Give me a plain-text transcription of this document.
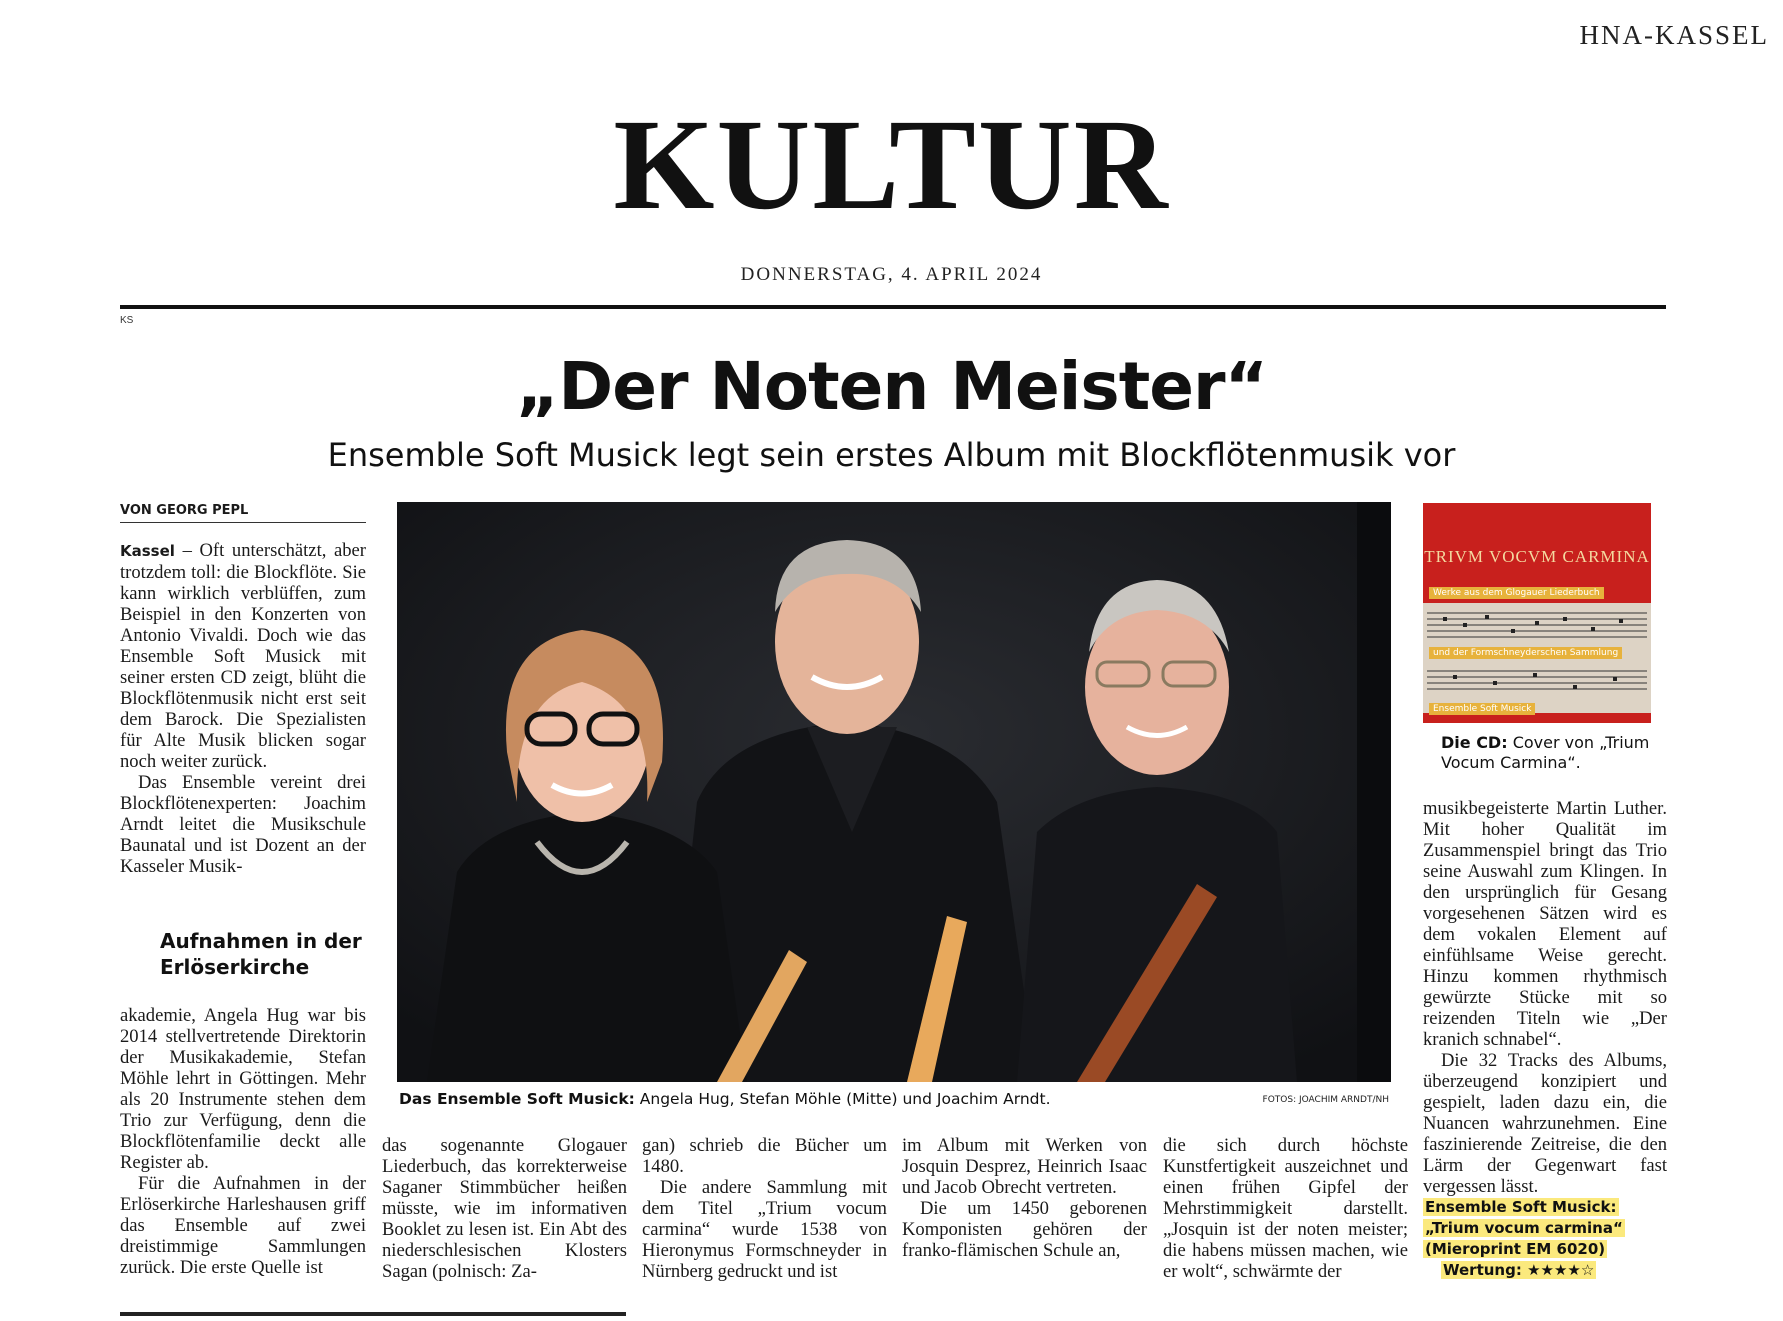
HNA-KASSEL
KULTUR
DONNERSTAG, 4. APRIL 2024
KS
„Der Noten Meister“
Ensemble Soft Musick legt sein erstes Album mit Blockflötenmusik vor
VON GEORG PEPL

Kassel – Oft unterschätzt, aber trotzdem toll: die Blockflöte. Sie kann wirklich verblüffen, zum Beispiel in den Konzerten von Antonio Vivaldi. Doch wie das Ensemble Soft Musick mit seiner ersten CD zeigt, blüht die Blockflötenmusik nicht erst seit dem Barock. Die Spezialisten für Alte Musik blicken sogar noch weiter zurück.

Das Ensemble vereint drei Blockflötenexperten: Joachim Arndt leitet die Musikschule Baunatal und ist Dozent an der Kasseler Musik-

Aufnahmen in der Erlöserkirche

akademie, Angela Hug war bis 2014 stellvertretende Direktorin der Musikakademie, Stefan Möhle lehrt in Göttingen. Mehr als 20 Instrumente stehen dem Trio zur Verfügung, denn die Blockflötenfamilie deckt alle Register ab.

Für die Aufnahmen in der Erlöserkirche Harleshausen griff das Ensemble auf zwei dreistimmige Sammlungen zurück. Die erste Quelle ist

Das Ensemble Soft Musick: Angela Hug, Stefan Möhle (Mitte) und Joachim Arndt.	FOTOS: JOACHIM ARNDT/NH

das sogenannte Glogauer Liederbuch, das korrekterweise Saganer Stimmbücher heißen müsste, wie im informativen Booklet zu lesen ist. Ein Abt des niederschlesischen Klosters Sagan (polnisch: Za-

gan) schrieb die Bücher um 1480.

Die andere Sammlung mit dem Titel „Trium vocum carmina“ wurde 1538 von Hieronymus Formschneyder in Nürnberg gedruckt und ist

im Album mit Werken von Josquin Desprez, Heinrich Isaac und Jacob Obrecht vertreten.

Die um 1450 geborenen Komponisten gehören der franko-flämischen Schule an,

die sich durch höchste Kunstfertigkeit auszeichnet und einen frühen Gipfel der Mehrstimmigkeit darstellt. „Josquin ist der noten meister; die habens müssen machen, wie er wolt“, schwärmte der

TRIVM VOCVM CARMINA
Werke aus dem Glogauer Liederbuch
und der Formschneyderschen Sammlung
Ensemble Soft Musick
Die CD: Cover von „Trium Vocum Carmina“.

musikbegeisterte Martin Luther. Mit hoher Qualität im Zusammenspiel bringt das Trio seine Auswahl zum Klingen. In den ursprünglich für Gesang vorgesehenen Sätzen wird es dem vokalen Element auf einfühlsame Weise gerecht. Hinzu kommen rhythmisch gewürzte Stücke mit so reizenden Titeln wie „Der kranich schnabel“.

Die 32 Tracks des Albums, überzeugend konzipiert und gespielt, laden dazu ein, die Nuancen wahrzunehmen. Eine faszinierende Zeitreise, die den Lärm der Gegenwart fast vergessen lässt.

Ensemble Soft Musick: „Trium vocum carmina“ (Mieroprint EM 6020)
Wertung: ★★★★☆
